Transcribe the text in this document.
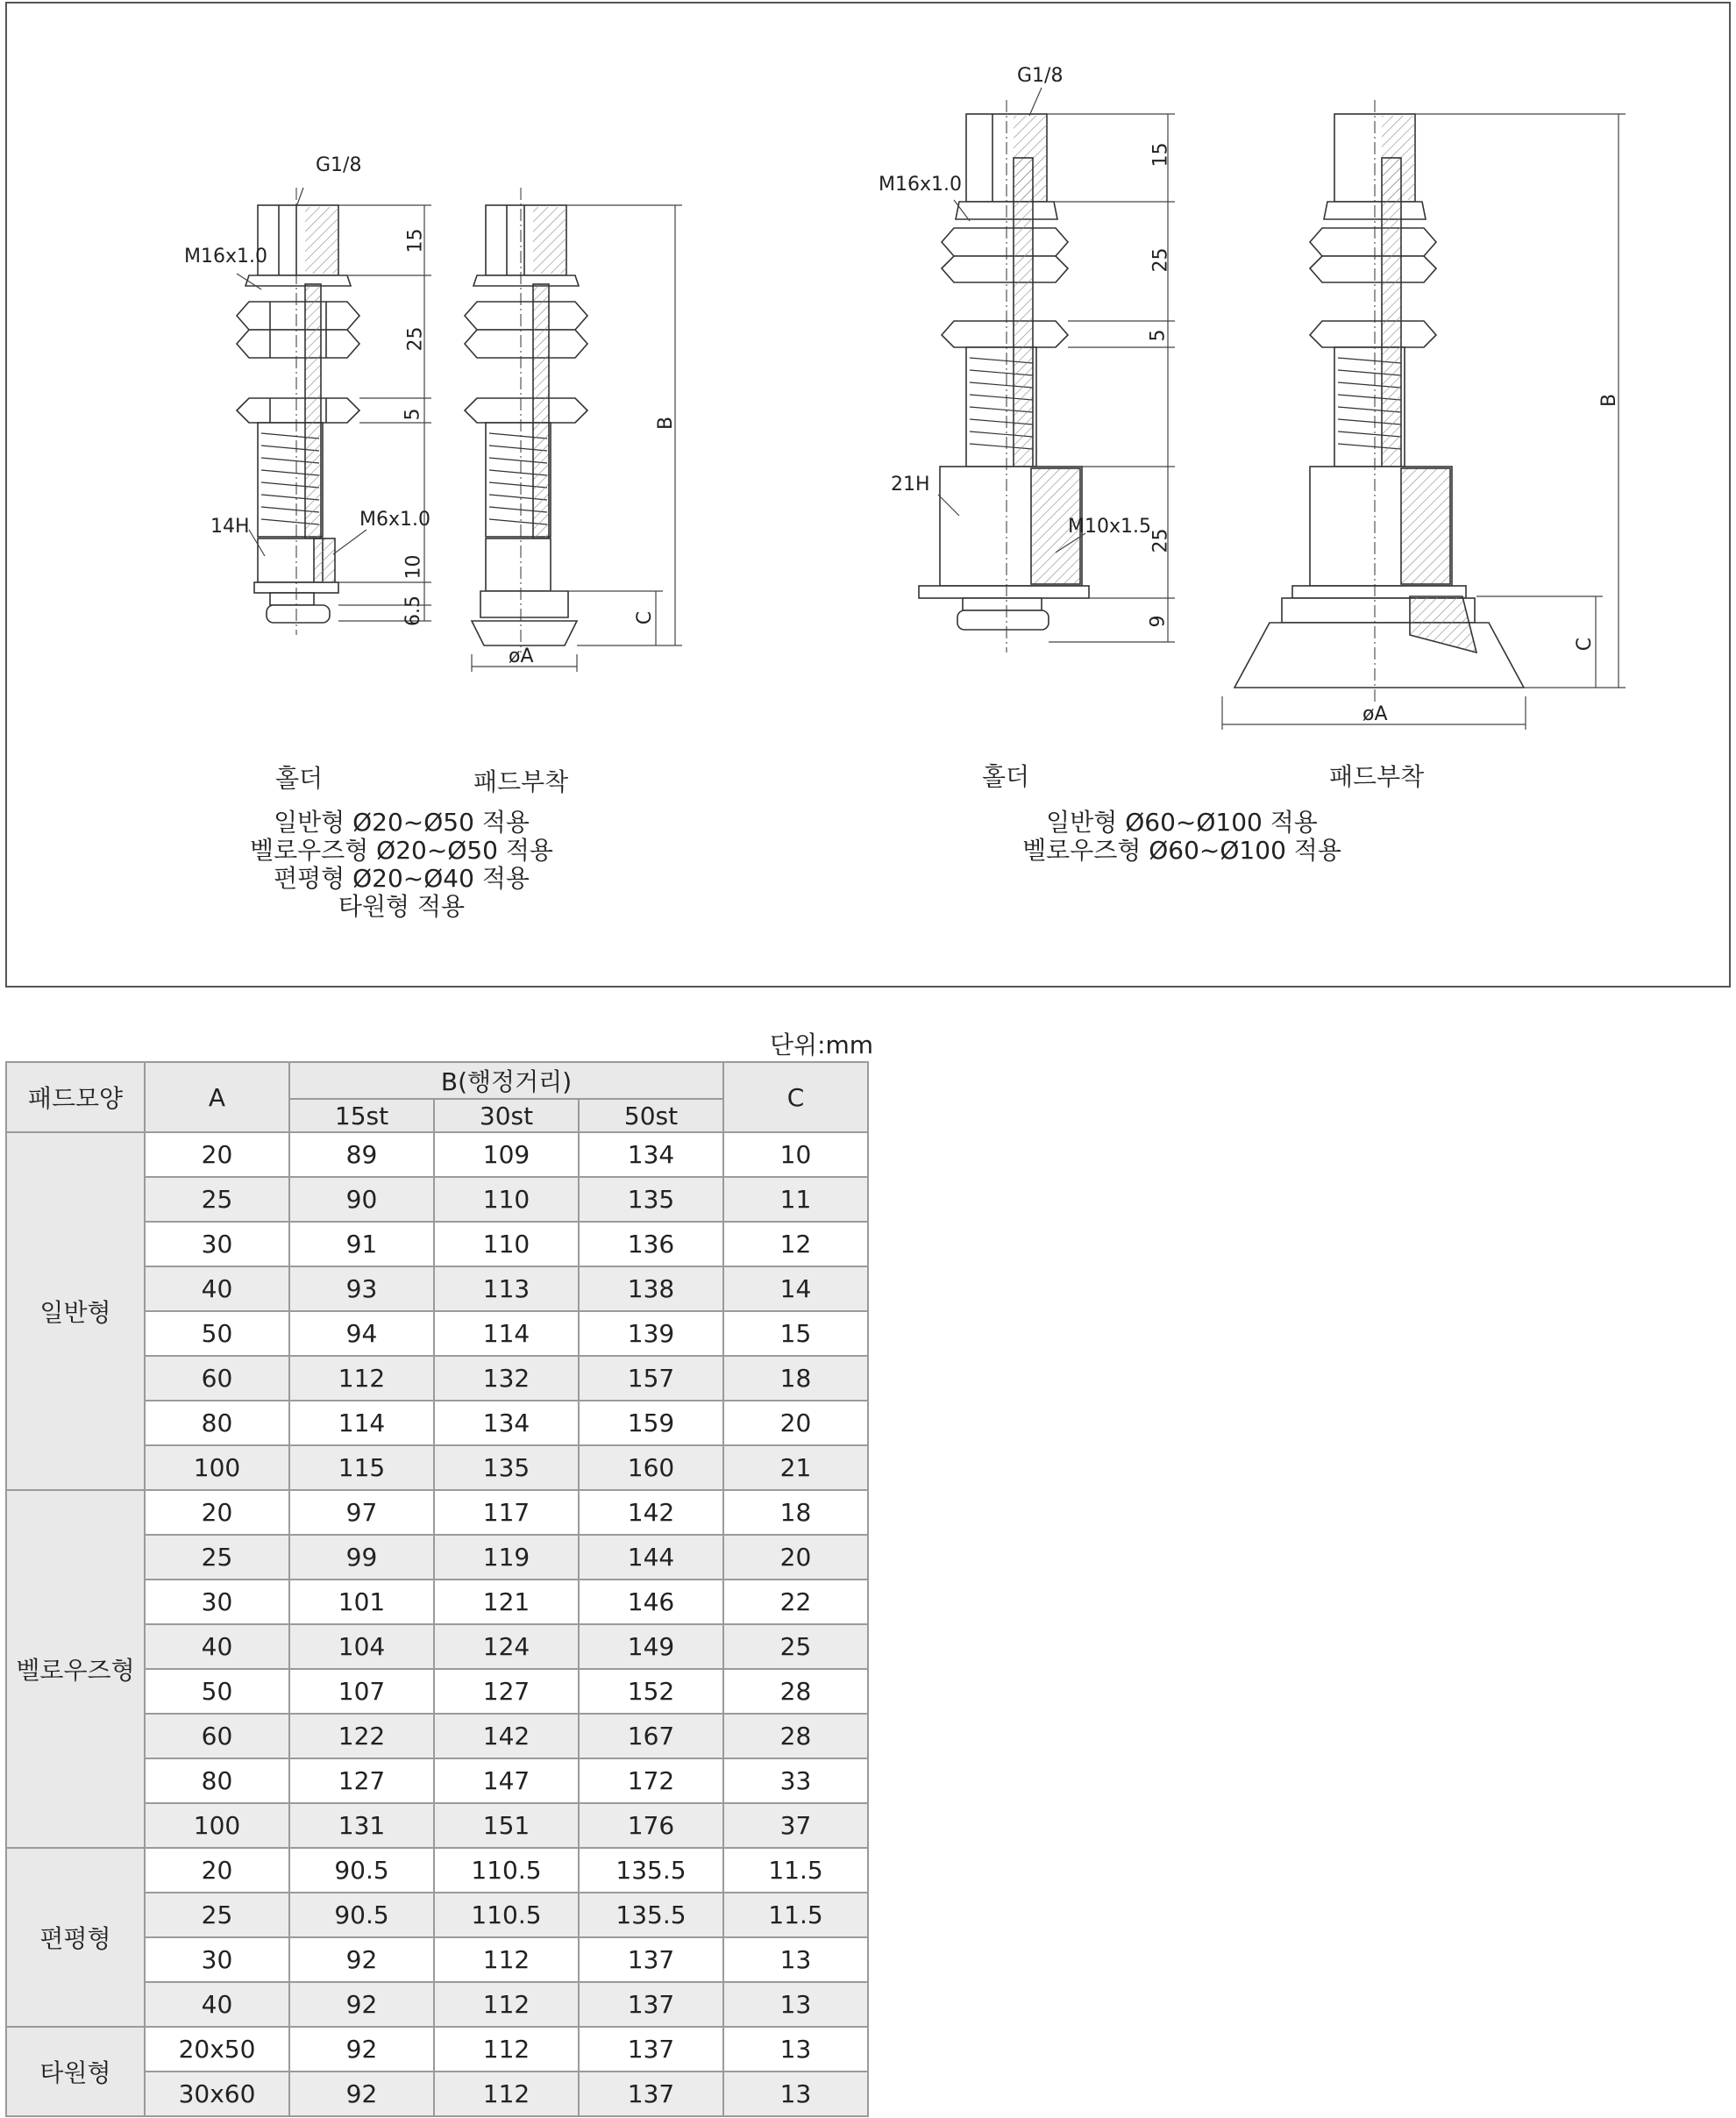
G1/8
M16x1.0
14H	M6x1.0
15
25
5
10
6.5
B
C
øA
홀더	패드부착
일반형 Ø20~Ø50 적용
벨로우즈형 Ø20~Ø50 적용
편평형 Ø20~Ø40 적용
타원형 적용
G1/8
M16x1.0
21H
M10x1.5
15
25
5
25
9
B
C
øA
홀더	패드부착
일반형 Ø60~Ø100 적용
벨로우즈형 Ø60~Ø100 적용
단위:mm
패드모양	A	B(행정거리)			C
		15st	30st	50st	
일반형	20	89	109	134	10
	25	90	110	135	11
	30	91	110	136	12
	40	93	113	138	14
	50	94	114	139	15
	60	112	132	157	18
	80	114	134	159	20
	100	115	135	160	21
벨로우즈형	20	97	117	142	18
	25	99	119	144	20
	30	101	121	146	22
	40	104	124	149	25
	50	107	127	152	28
	60	122	142	167	28
	80	127	147	172	33
	100	131	151	176	37
편평형	20	90.5	110.5	135.5	11.5
	25	90.5	110.5	135.5	11.5
	30	92	112	137	13
	40	92	112	137	13
타원형	20x50	92	112	137	13
	30x60	92	112	137	13
